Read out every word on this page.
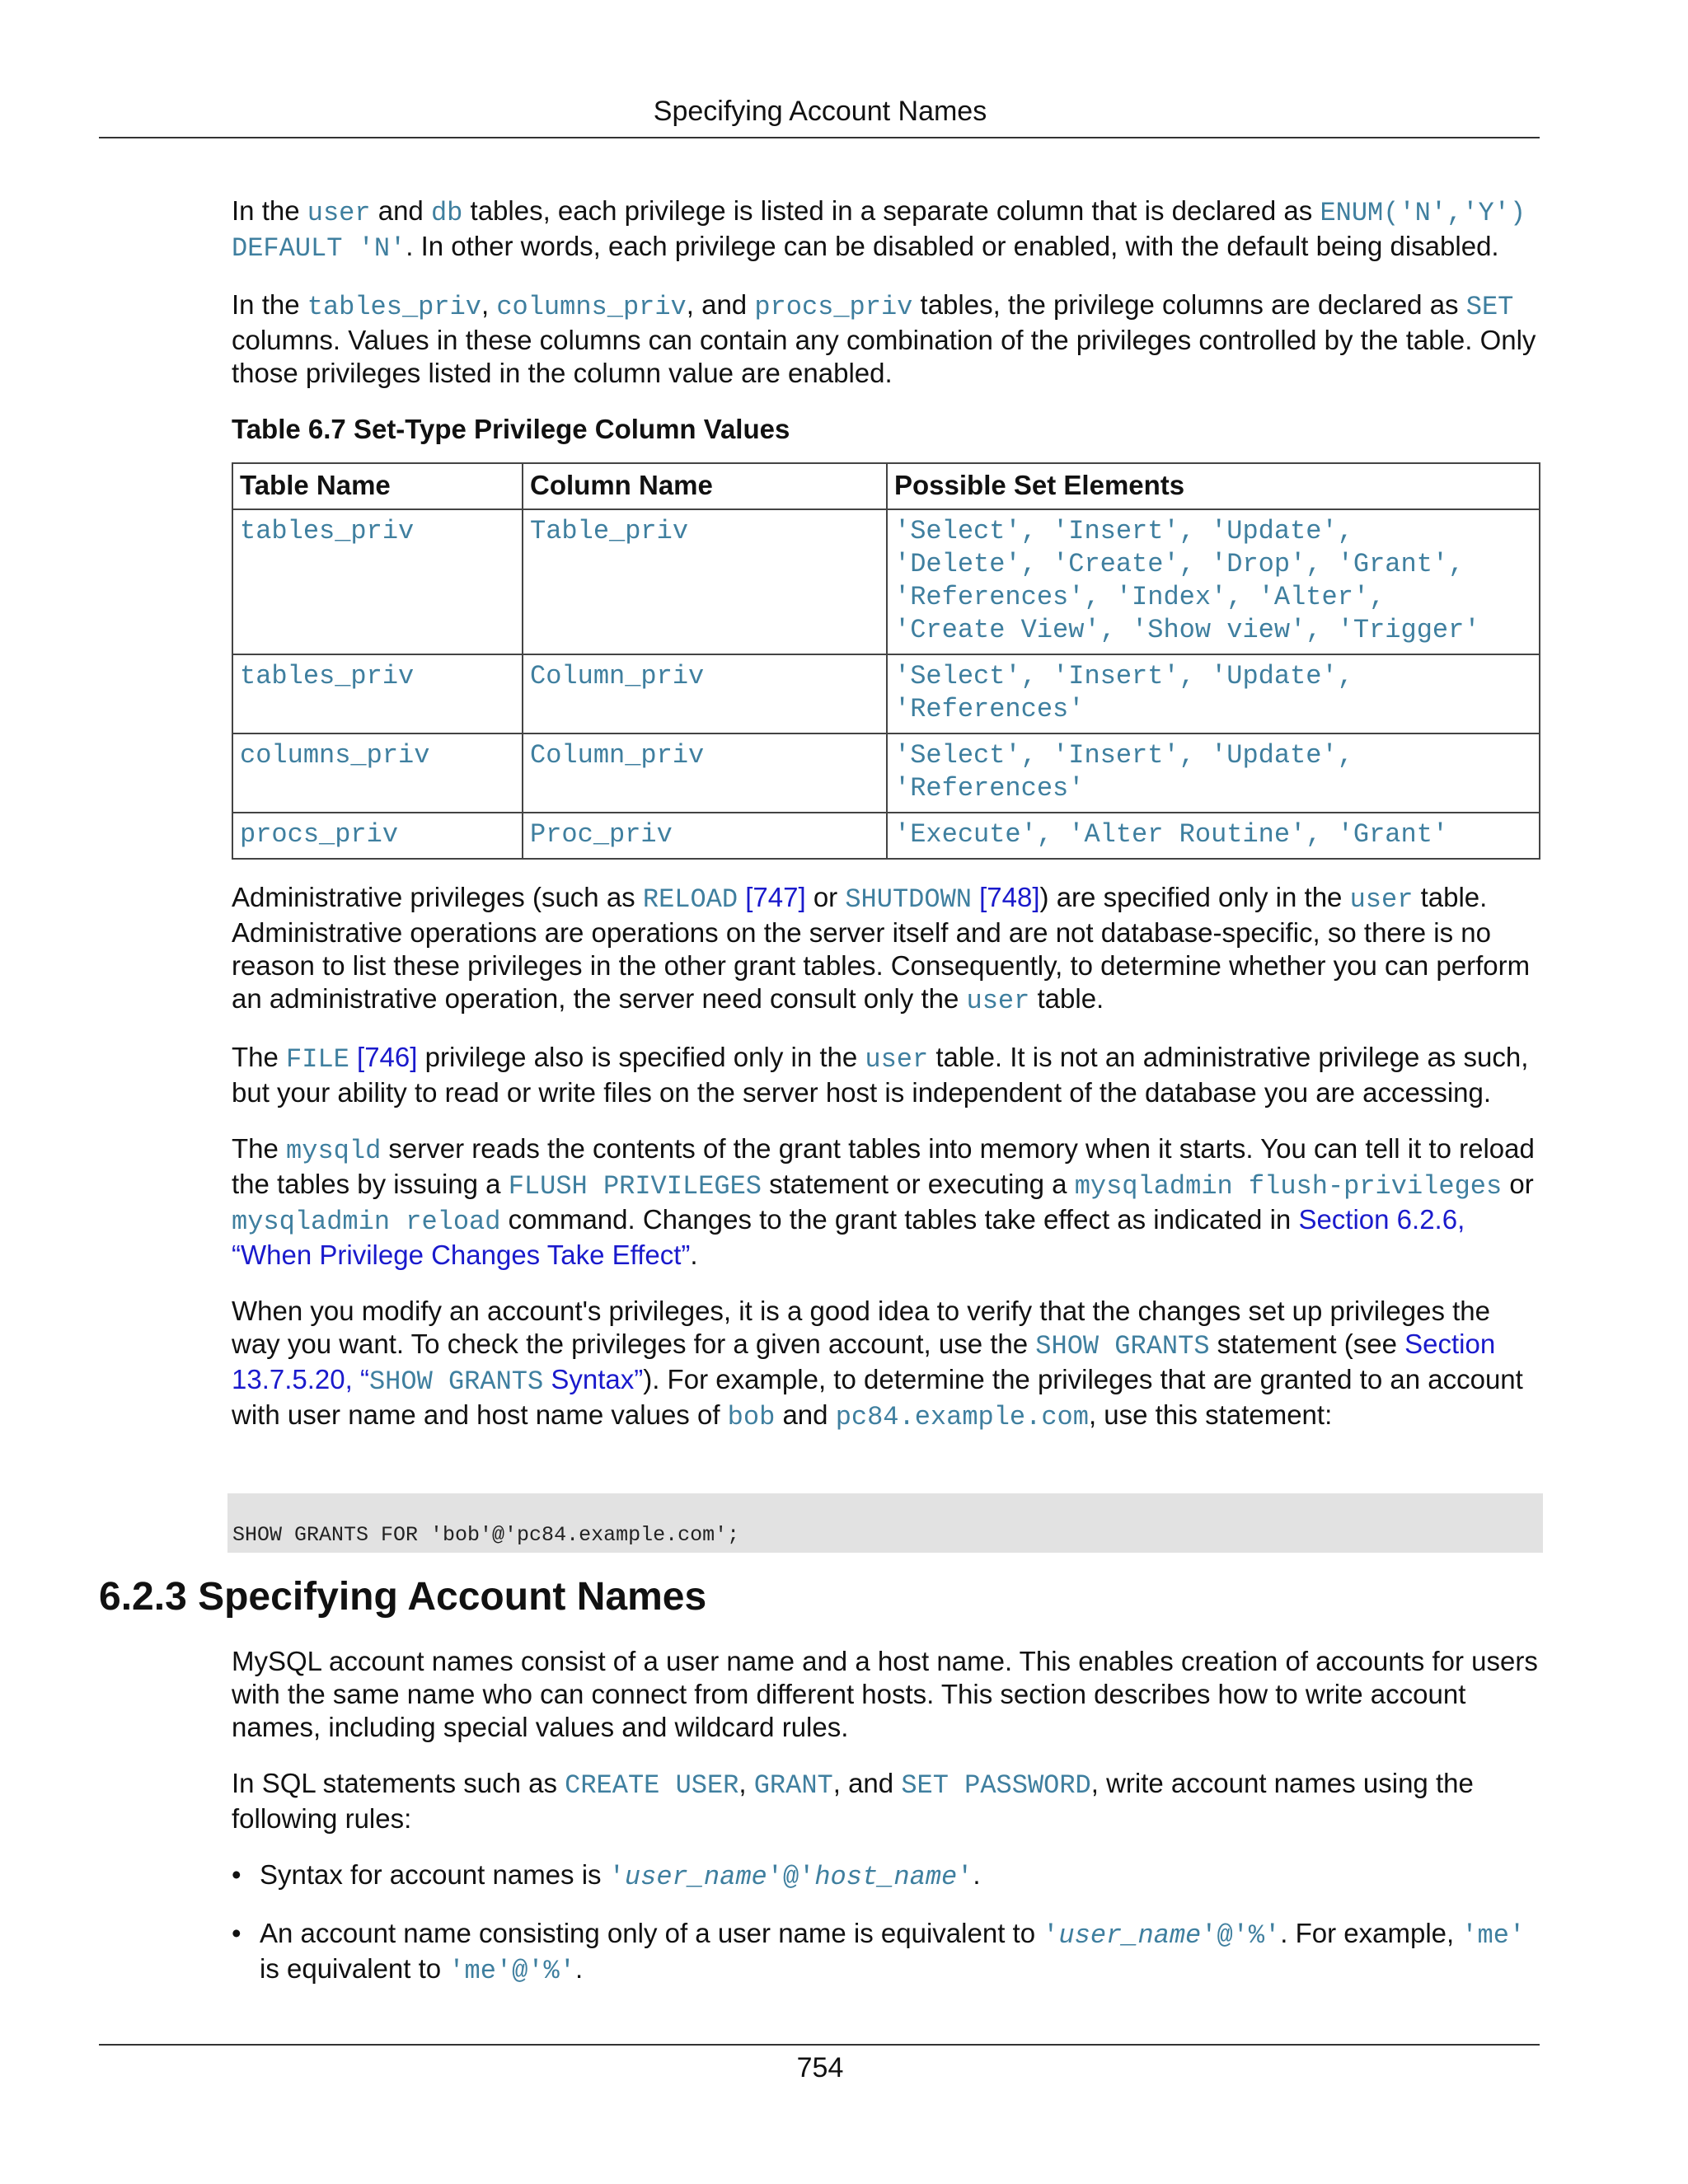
Specifying Account Names

In the user and db tables, each privilege is listed in a separate column that is declared as ENUM('N','Y') DEFAULT 'N'. In other words, each privilege can be disabled or enabled, with the default being disabled.

In the tables_priv, columns_priv, and procs_priv tables, the privilege columns are declared as SET columns. Values in these columns can contain any combination of the privileges controlled by the table. Only those privileges listed in the column value are enabled.

Table 6.7 Set-Type Privilege Column Values
Table Name	Column Name	Possible Set Elements
tables_priv	Table_priv	'Select', 'Insert', 'Update',
'Delete', 'Create', 'Drop', 'Grant',
'References', 'Index', 'Alter',
'Create View', 'Show view', 'Trigger'

tables_priv	Column_priv	'Select', 'Insert', 'Update',
'References'

columns_priv	Column_priv	'Select', 'Insert', 'Update',
'References'

procs_priv	Proc_priv	'Execute', 'Alter Routine', 'Grant'

Administrative privileges (such as RELOAD [747] or SHUTDOWN [748]) are specified only in the user table. Administrative operations are operations on the server itself and are not database-specific, so there is no reason to list these privileges in the other grant tables. Consequently, to determine whether you can perform an administrative operation, the server need consult only the user table.

The FILE [746] privilege also is specified only in the user table. It is not an administrative privilege as such, but your ability to read or write files on the server host is independent of the database you are accessing.

The mysqld server reads the contents of the grant tables into memory when it starts. You can tell it to reload the tables by issuing a FLUSH PRIVILEGES statement or executing a mysqladmin flush-privileges or mysqladmin reload command. Changes to the grant tables take effect as indicated in Section 6.2.6, “When Privilege Changes Take Effect”.

When you modify an account's privileges, it is a good idea to verify that the changes set up privileges the way you want. To check the privileges for a given account, use the SHOW GRANTS statement (see Section 13.7.5.20, “SHOW GRANTS Syntax”). For example, to determine the privileges that are granted to an account with user name and host name values of bob and pc84.example.com, use this statement:

SHOW GRANTS FOR 'bob'@'pc84.example.com';
6.2.3 Specifying Account Names

MySQL account names consist of a user name and a host name. This enables creation of accounts for users with the same name who can connect from different hosts. This section describes how to write account names, including special values and wildcard rules.

In SQL statements such as CREATE USER, GRANT, and SET PASSWORD, write account names using the following rules:

• Syntax for account names is 'user_name'@'host_name'.
• An account name consisting only of a user name is equivalent to 'user_name'@'%'. For example, 'me' is equivalent to 'me'@'%'.
754
